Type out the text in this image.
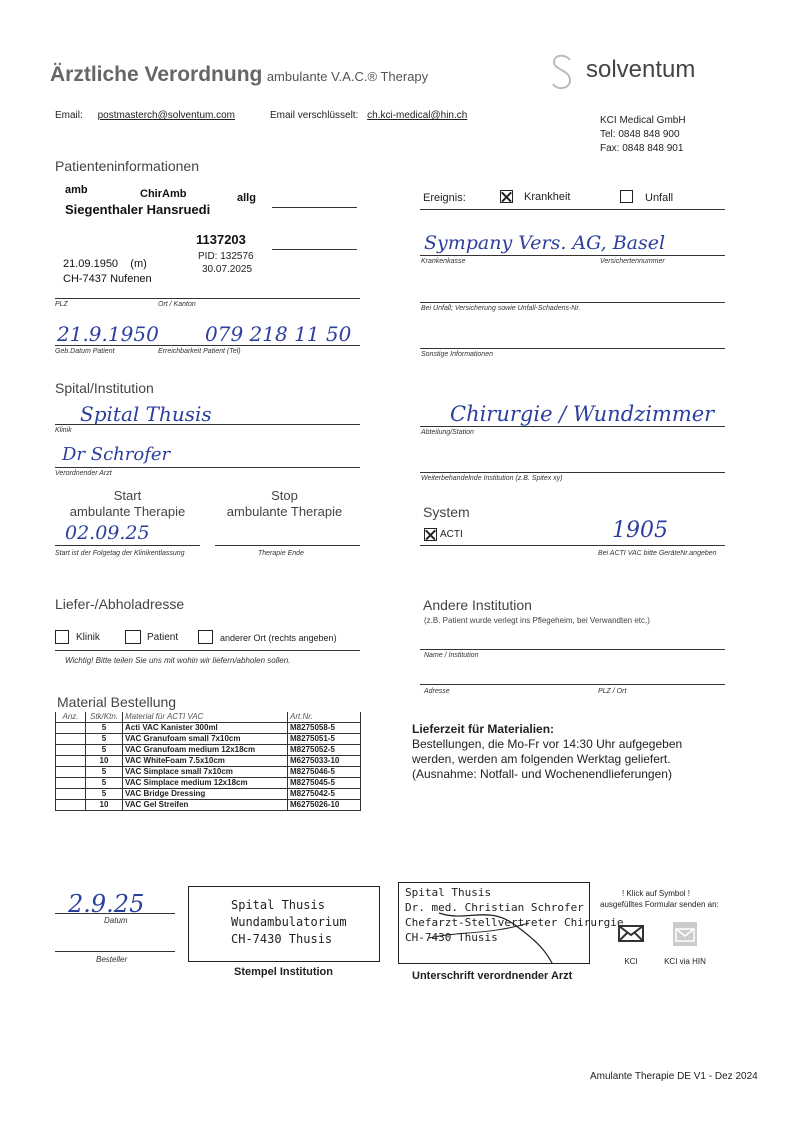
Ärztliche Verordnung ambulante V.A.C.® Therapy	solventum
Email: postmasterch@solventum.com	Email verschlüsselt: ch.kci-medical@hin.ch	KCI Medical GmbH
Tel: 0848 848 900
Fax: 0848 848 901
Patienteninformationen
amb	ChirAmb	allg
Siegenthaler Hansruedi
1137203
PID: 132576
21.09.1950    (m)	30.07.2025
CH-7437 Nufenen
PLZ	Ort / Kanton
21.9.1950 079 218 11 50
Geb.Datum Patient	Erreichbarkeit Patient (Tel)
Ereignis:	Krankheit	Unfall
Sympany Vers. AG, Basel
Krankenkasse	Versichertennummer
Bei Unfall; Versicherung sowie Unfall-Schadens-Nr.
Sonstige Informationen
Spital/Institution
Spital Thusis
Klinik
Dr Schrofer
Verordnender Arzt
Chirurgie / Wundzimmer
Abteilung/Station
Weiterbehandelnde Institution (z.B. Spitex xy)
Start
ambulante Therapie
Stop
ambulante Therapie
02.09.25
Start ist der Folgetag der Klinikentlassung	Therapie Ende
System
ACTI	1905
Bei ACTI VAC bitte GeräteNr.angeben
Liefer-/Abholadresse
Klinik	Patient	anderer Ort (rechts angeben)
Wichtig! Bitte teilen Sie uns mit wohin wir liefern/abholen sollen.
Andere Institution
(z.B. Patient wurde verlegt ins Pflegeheim, bei Verwandten etc.)
Name / Institution
Adresse	PLZ / Ort
Material Bestellung
Anz.	Stk/Ktn.	Material für ACTI VAC	Art.Nr.
	5	Acti VAC Kanister 300ml	M8275058-5
	5	VAC Granufoam small 7x10cm	M8275051-5
	5	VAC Granufoam medium 12x18cm	M8275052-5
	10	VAC WhiteFoam 7.5x10cm	M6275033-10
	5	VAC Simplace small 7x10cm	M8275046-5
	5	VAC Simplace medium 12x18cm	M8275045-5
	5	VAC Bridge Dressing	M8275042-5
	10	VAC Gel Streifen	M6275026-10
Lieferzeit für Materialien:
Bestellungen, die Mo-Fr vor 14:30 Uhr aufgegeben
werden, werden am folgenden Werktag geliefert.
(Ausnahme: Notfall- und Wochenendlieferungen)
2.9.25
Datum
Besteller
Spital Thusis
Wundambulatorium
CH-7430 Thusis
Stempel Institution
Spital Thusis
Dr. med. Christian Schrofer
Chefarzt-Stellvertreter Chirurgie
CH-7430 Thusis
Unterschrift verordnender Arzt
! Klick auf Symbol !
ausgefülltes Formular senden an:
KCI	KCI via HIN
Amulante Therapie DE V1 - Dez 2024
